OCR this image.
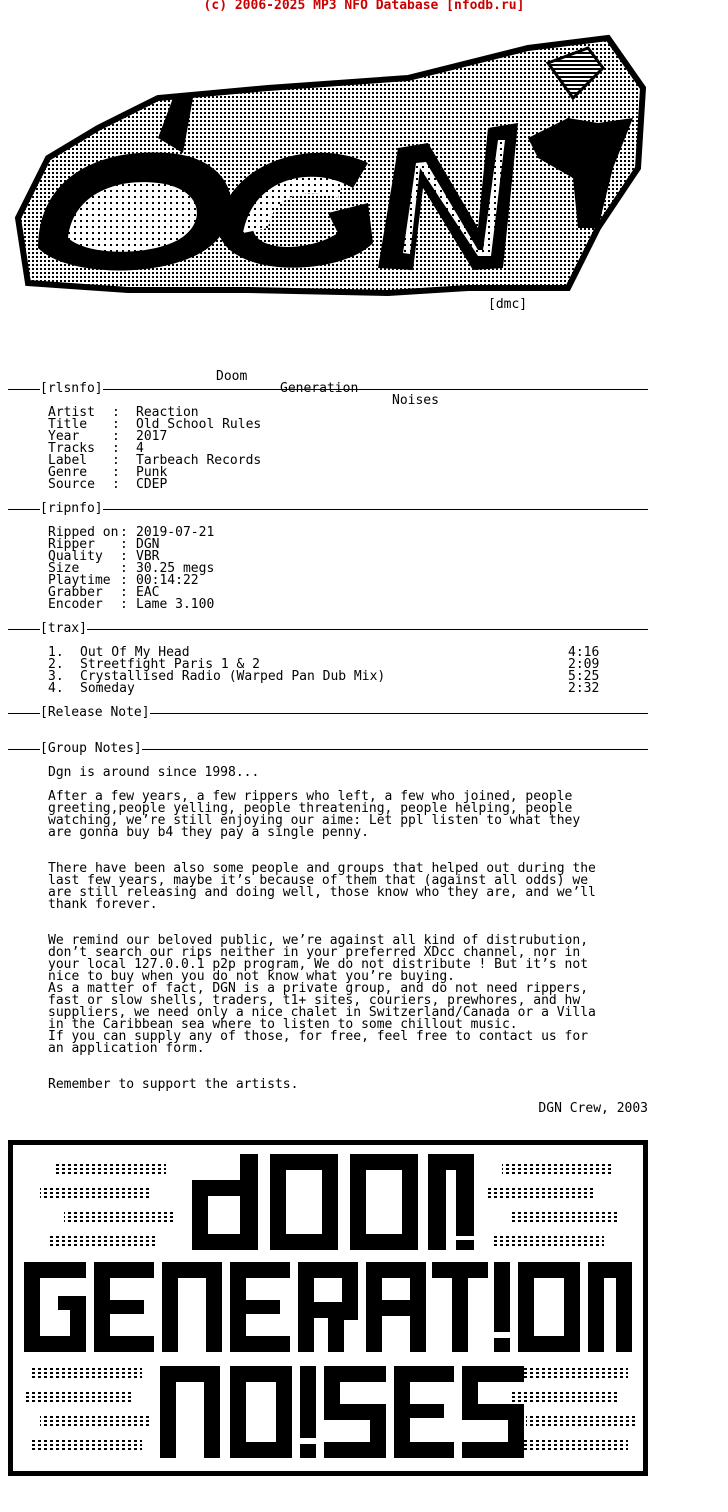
(c) 2006-2025 MP3 NFO Database [nfodb.ru]
[dmc]

Doom

Generation

Noises

[rlsnfo]
Artist : Reaction
Title : Old School Rules
Year	: 2017
Tracks : 4
Label : Tarbeach Records
Genre : Punk
Source : CDEP
[ripnfo]
Ripped on : 2019-07-21
Ripper : DGN
Quality : VBR
Size	: 30.25 megs
Playtime : 00:14:22
Grabber : EAC
Encoder : Lame 3.100
[trax]
1. Out Of My Head	4:16
2. Streetfight Paris 1 & 2	2:09
3. Crystallised Radio (Warped Pan Dub Mix)	5:25
4. Someday	2:32
[Release Note]
[Group Notes]
Dgn is around since 1998...
After a few years, a few rippers who left, a few who joined, people
greeting,people yelling, people threatening, people helping, people
watching, we’re still enjoying our aime: Let ppl listen to what they
are gonna buy b4 they pay a single penny.
There have been also some people and groups that helped out during the
last few years, maybe it’s because of them that (against all odds) we
are still releasing and doing well, those know who they are, and we’ll
thank forever.
We remind our beloved public, we’re against all kind of distrubution,
don’t search our rips neither in your preferred XDcc channel, nor in
your local 127.0.0.1 p2p program, We do not distribute ! But it’s not
nice to buy when you do not know what you’re buying.
As a matter of fact, DGN is a private group, and do not need rippers,
fast or slow shells, traders, t1+ sites, couriers, prewhores, and hw
suppliers, we need only a nice chalet in Switzerland/Canada or a Villa
in the Caribbean sea where to listen to some chillout music.
If you can supply any of those, for free, feel free to contact us for
an application form.
Remember to support the artists.
DGN Crew, 2003
